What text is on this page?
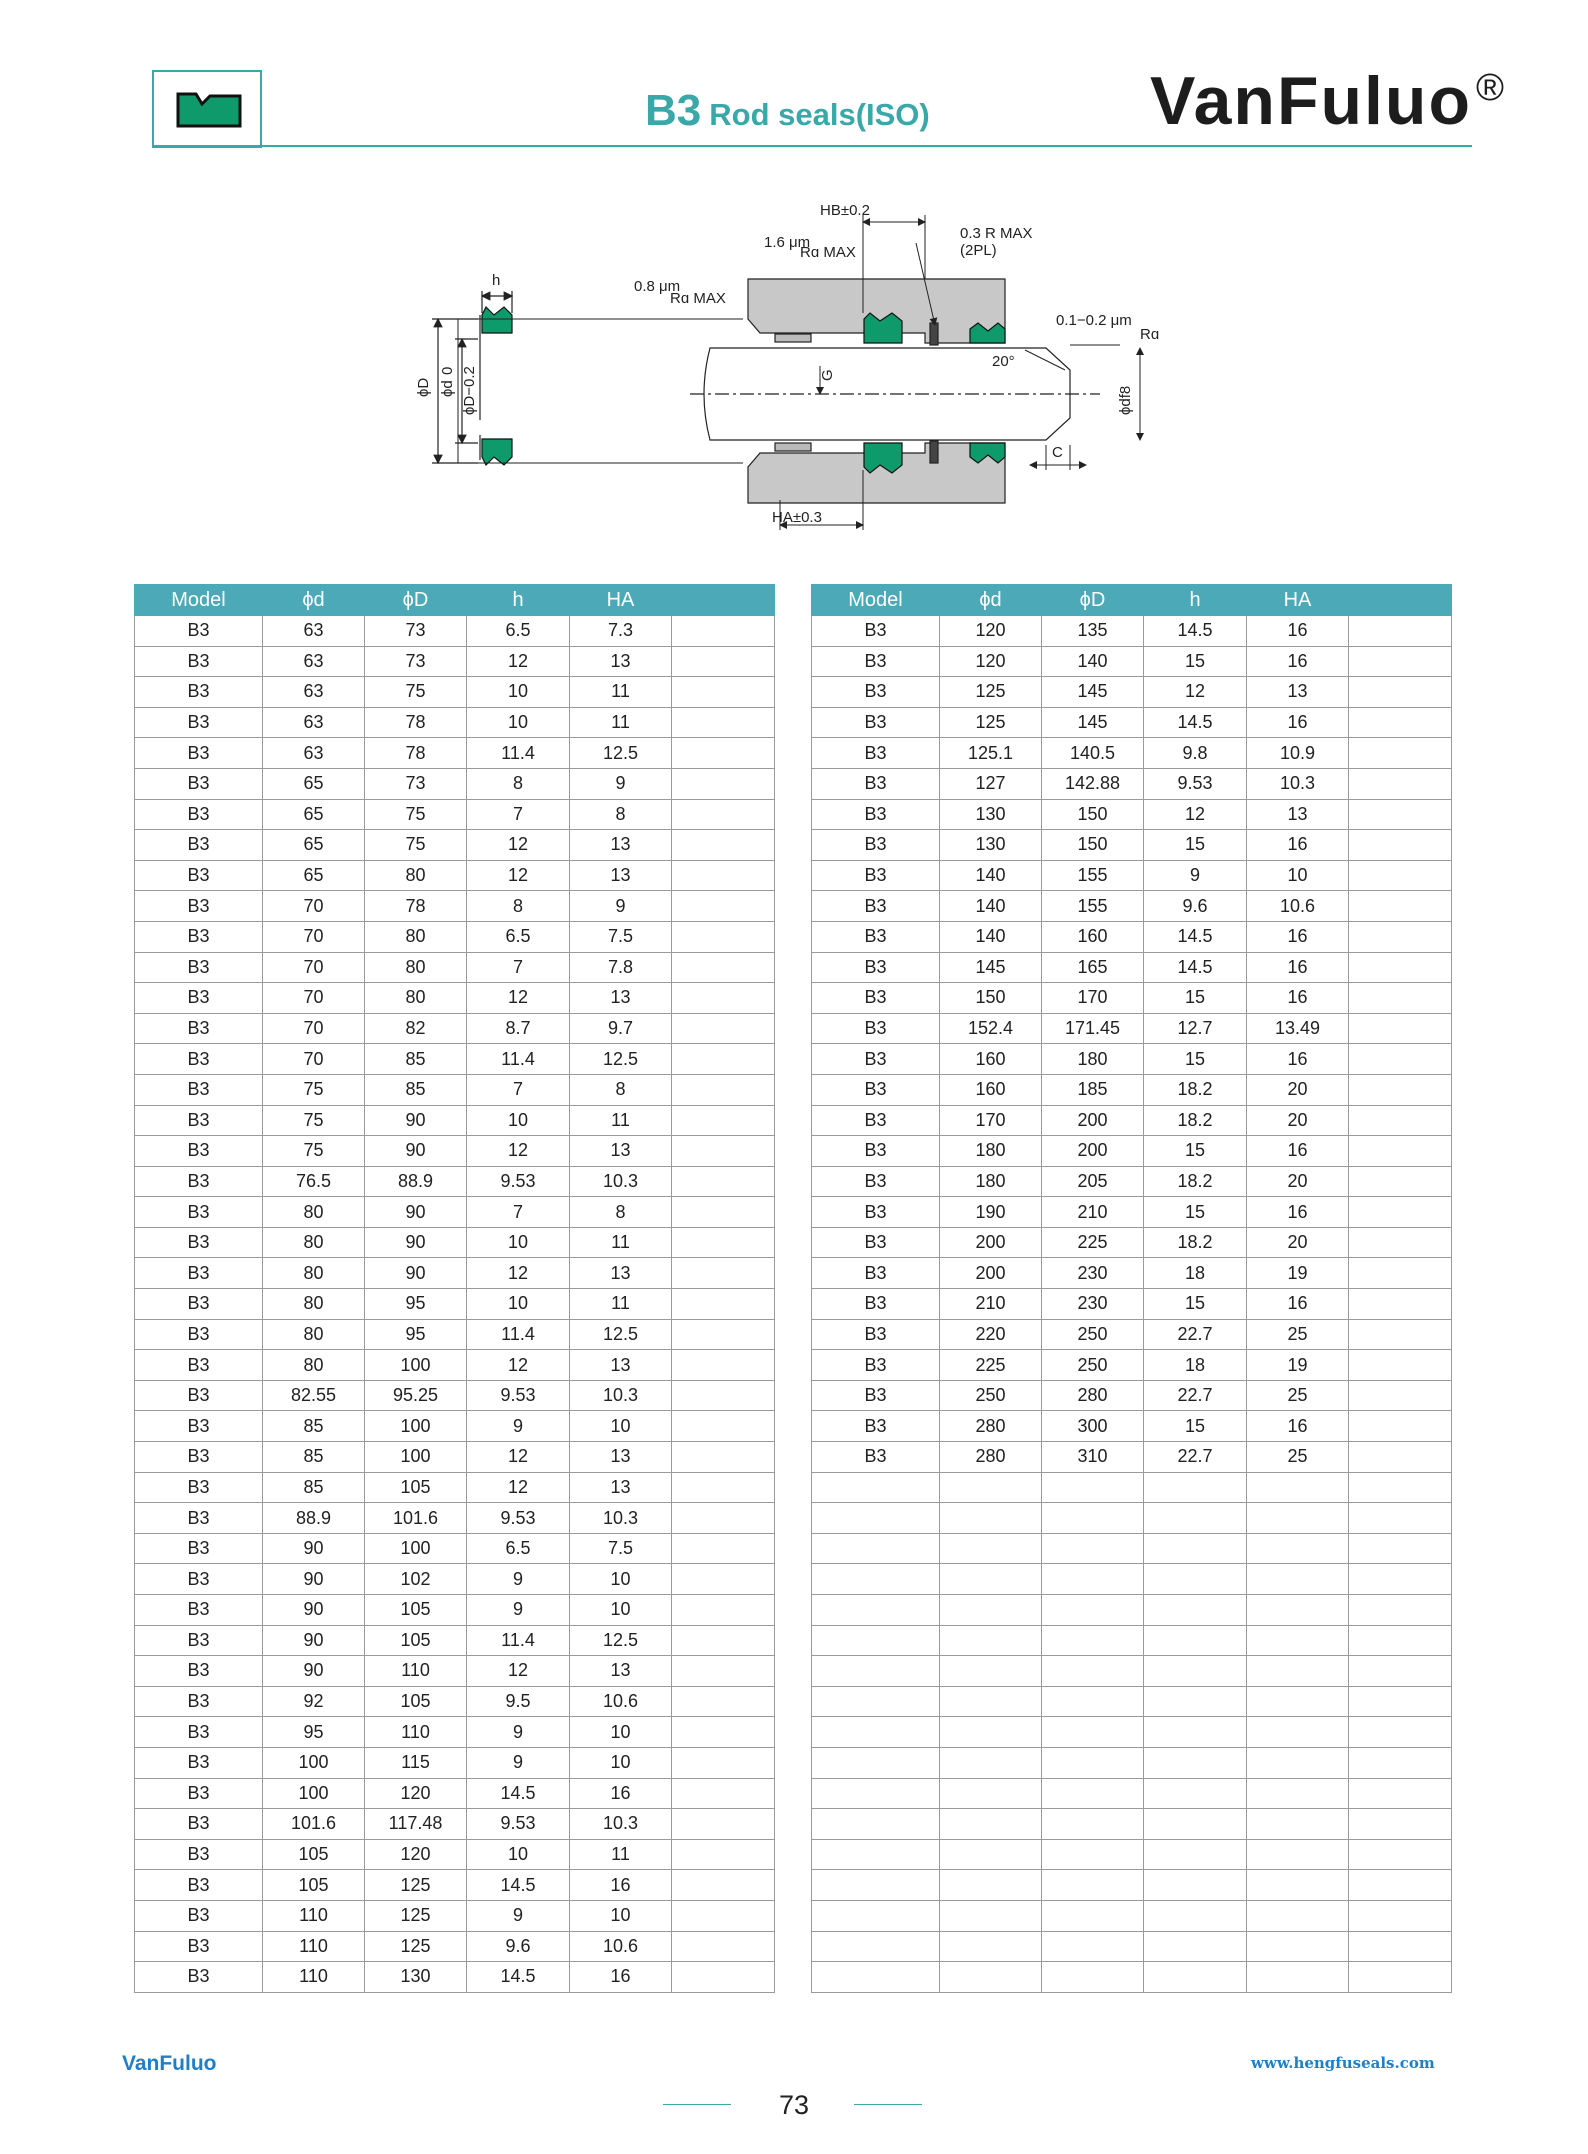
B3 Rod seals(ISO)	VanFuluo ®
h
ϕD ϕd
HB±0.2
1.6 μm
Rɑ MAX
0.3 R MAX
(2PL)
0.8 μm
Rɑ MAX
0 ϕD−0.2	G
20°
0.1−0.2 μm
Rɑ
ϕdf8
C
HA±0.3
Model	ϕd	ϕD	h	HA	
B3	63	73	6.5	7.3	
B3	63	73	12	13	
B3	63	75	10	11	
B3	63	78	10	11	
B3	63	78	11.4	12.5	
B3	65	73	8	9	
B3	65	75	7	8	
B3	65	75	12	13	
B3	65	80	12	13	
B3	70	78	8	9	
B3	70	80	6.5	7.5	
B3	70	80	7	7.8	
B3	70	80	12	13	
B3	70	82	8.7	9.7	
B3	70	85	11.4	12.5	
B3	75	85	7	8	
B3	75	90	10	11	
B3	75	90	12	13	
B3	76.5	88.9	9.53	10.3	
B3	80	90	7	8	
B3	80	90	10	11	
B3	80	90	12	13	
B3	80	95	10	11	
B3	80	95	11.4	12.5	
B3	80	100	12	13	
B3	82.55	95.25	9.53	10.3	
B3	85	100	9	10	
B3	85	100	12	13	
B3	85	105	12	13	
B3	88.9	101.6	9.53	10.3	
B3	90	100	6.5	7.5	
B3	90	102	9	10	
B3	90	105	9	10	
B3	90	105	11.4	12.5	
B3	90	110	12	13	
B3	92	105	9.5	10.6	
B3	95	110	9	10	
B3	100	115	9	10	
B3	100	120	14.5	16	
B3	101.6	117.48	9.53	10.3	
B3	105	120	10	11	
B3	105	125	14.5	16	
B3	110	125	9	10	
B3	110	125	9.6	10.6	
B3	110	130	14.5	16	
Model	ϕd	ϕD	h	HA	
B3	120	135	14.5	16	
B3	120	140	15	16	
B3	125	145	12	13	
B3	125	145	14.5	16	
B3	125.1	140.5	9.8	10.9	
B3	127	142.88	9.53	10.3	
B3	130	150	12	13	
B3	130	150	15	16	
B3	140	155	9	10	
B3	140	155	9.6	10.6	
B3	140	160	14.5	16	
B3	145	165	14.5	16	
B3	150	170	15	16	
B3	152.4	171.45	12.7	13.49	
B3	160	180	15	16	
B3	160	185	18.2	20	
B3	170	200	18.2	20	
B3	180	200	15	16	
B3	180	205	18.2	20	
B3	190	210	15	16	
B3	200	225	18.2	20	
B3	200	230	18	19	
B3	210	230	15	16	
B3	220	250	22.7	25	
B3	225	250	18	19	
B3	250	280	22.7	25	
B3	280	300	15	16	
B3	280	310	22.7	25	

VanFuluo	www.hengfuseals.com
73
